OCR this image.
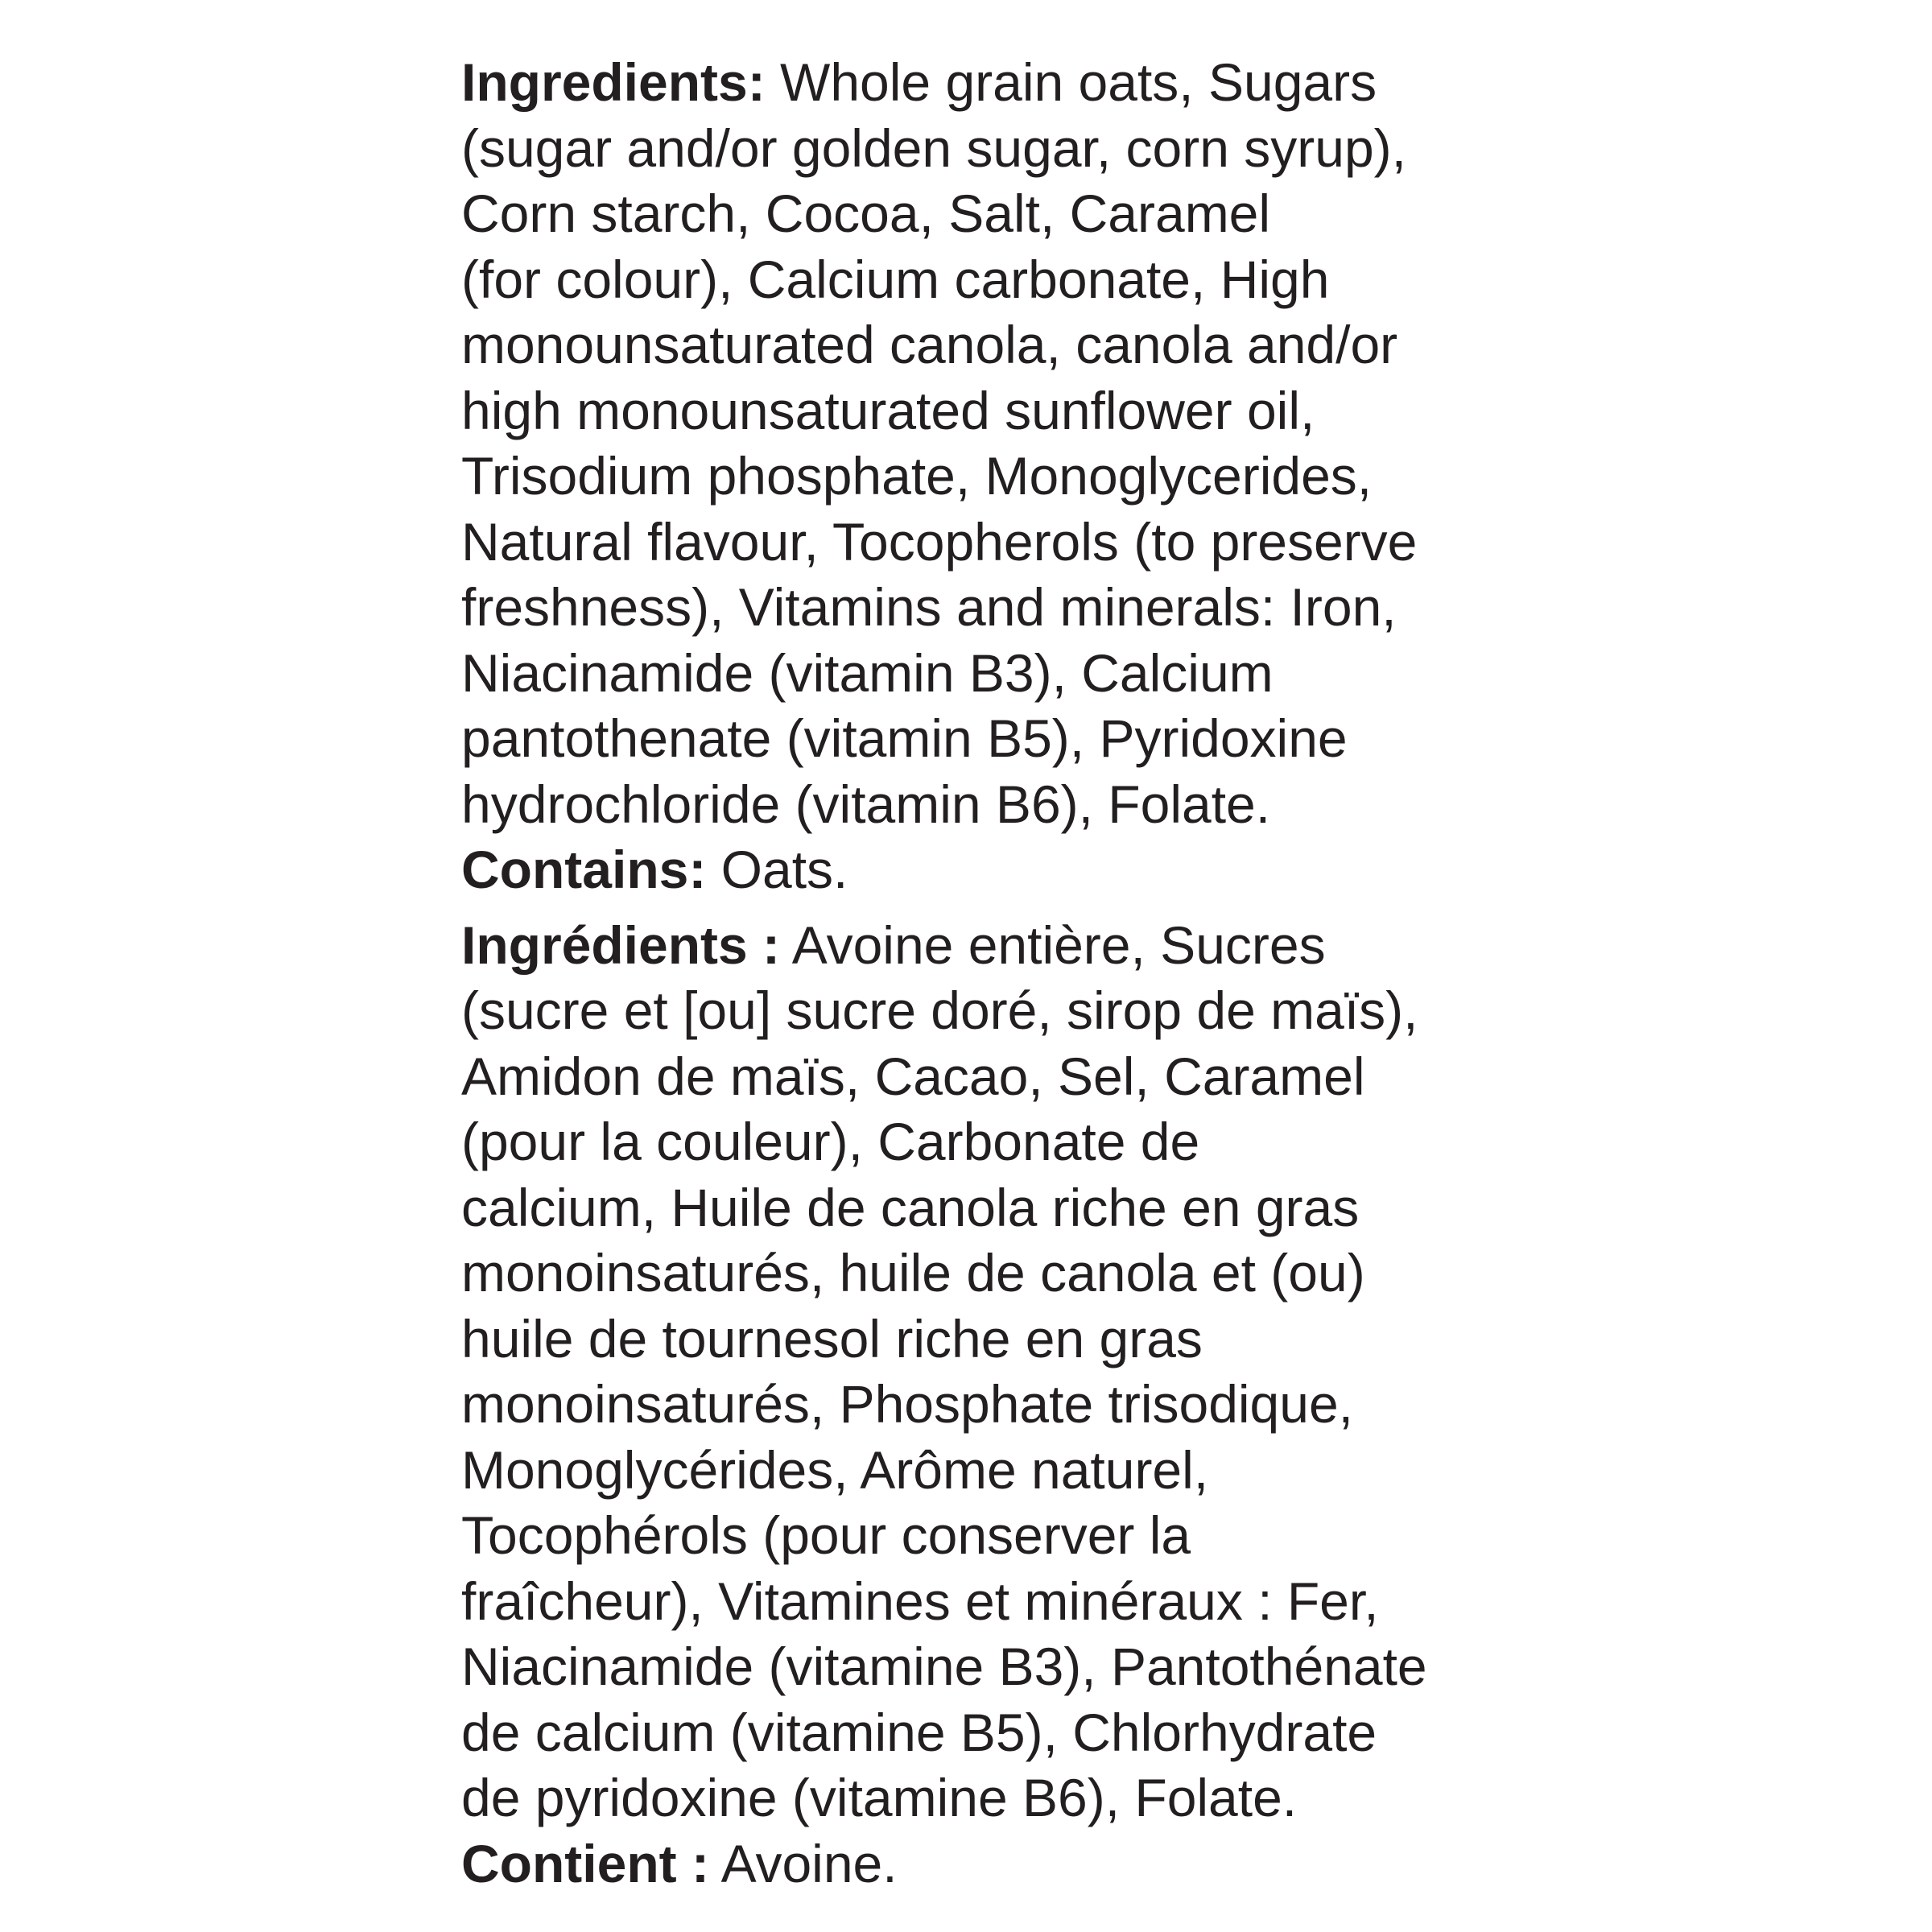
Ingredients: Whole grain oats, Sugars
(sugar and/or golden sugar, corn syrup),
Corn starch, Cocoa, Salt, Caramel
(for colour), Calcium carbonate, High
monounsaturated canola, canola and/or
high monounsaturated sunflower oil,
Trisodium phosphate, Monoglycerides,
Natural flavour, Tocopherols (to preserve
freshness), Vitamins and minerals: Iron,
Niacinamide (vitamin B3), Calcium
pantothenate (vitamin B5), Pyridoxine
hydrochloride (vitamin B6), Folate.
Contains: Oats.
Ingrédients : Avoine entière, Sucres
(sucre et [ou] sucre doré, sirop de maïs),
Amidon de maïs, Cacao, Sel, Caramel
(pour la couleur), Carbonate de
calcium, Huile de canola riche en gras
monoinsaturés, huile de canola et (ou)
huile de tournesol riche en gras
monoinsaturés, Phosphate trisodique,
Monoglycérides, Arôme naturel,
Tocophérols (pour conserver la
fraîcheur), Vitamines et minéraux : Fer,
Niacinamide (vitamine B3), Pantothénate
de calcium (vitamine B5), Chlorhydrate
de pyridoxine (vitamine B6), Folate.
Contient : Avoine.
